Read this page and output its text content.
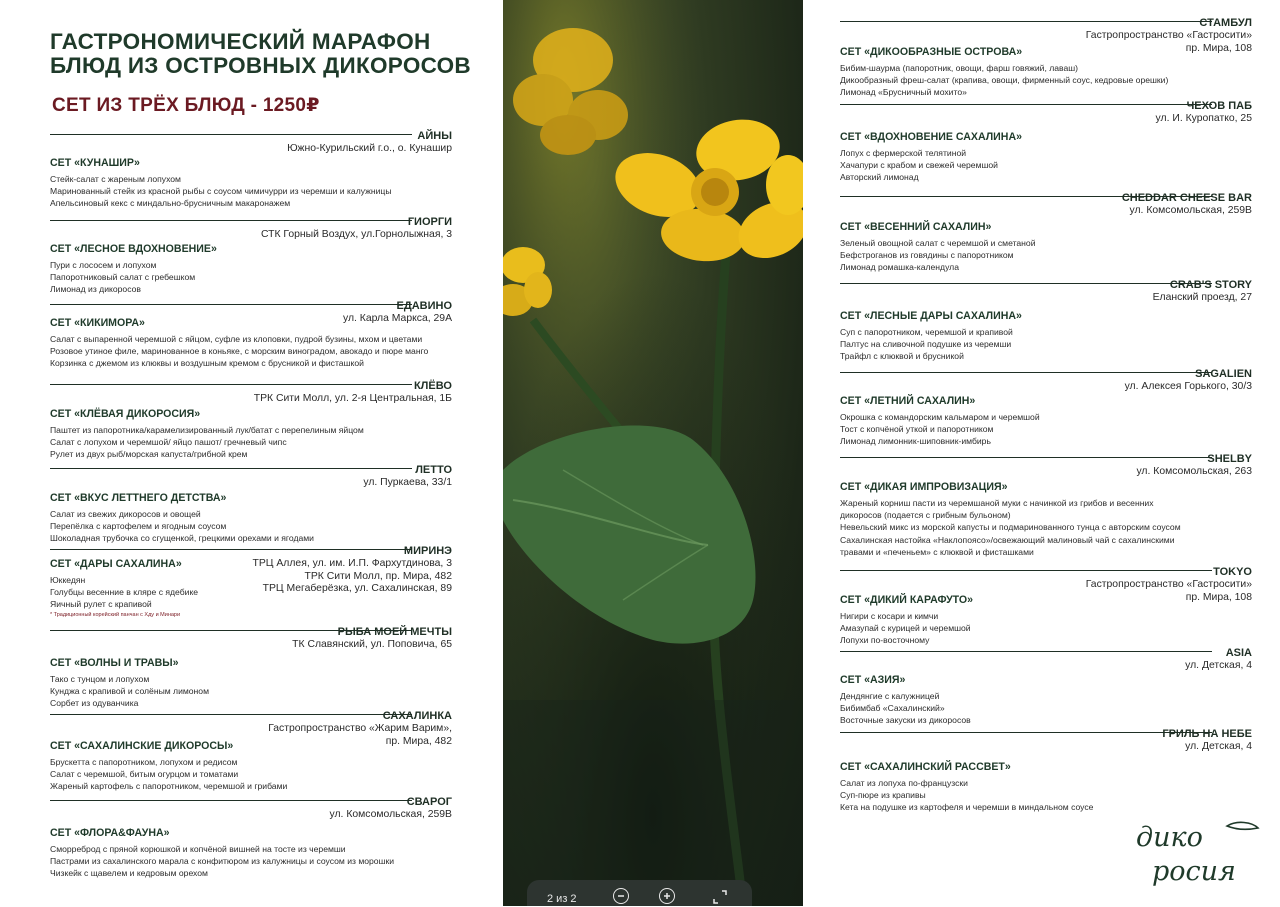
ГАСТРОНОМИЧЕСКИЙ МАРАФОН
БЛЮД ИЗ ОСТРОВНЫХ ДИКОРОСОВ
СЕТ ИЗ ТРЁХ БЛЮД - 1250₽
АЙНЫ
Южно-Курильский г.о., о. Кунашир
СЕТ «КУНАШИР»
Стейк-салат с жареным лопухом
Маринованный стейк из красной рыбы с соусом чимичурри из черемши и калужницы
Апельсиновый кекс с миндально-брусничным макаронажем
ГИОРГИ
СТК Горный Воздух, ул.Горнолыжная, 3
СЕТ «ЛЕСНОЕ ВДОХНОВЕНИЕ»
Пури с лососем и лопухом
Папоротниковый салат с гребешком
Лимонад из дикоросов
ЕДАВИНО
ул. Карла Маркса, 29А
СЕТ «КИКИМОРА»
Салат с выпаренной черемшой с яйцом, суфле из клоповки, пудрой бузины, мхом и цветами
Розовое утиное филе, маринованное в коньяке, с морским виноградом, авокадо и пюре манго
Корзинка с джемом из клюквы и воздушным кремом с брусникой и фисташкой
КЛЁВО
ТРК Сити Молл, ул. 2-я Центральная, 1Б
СЕТ «КЛЁВАЯ ДИКОРОСИЯ»
Паштет из папоротника/карамелизированный лук/батат с перепелиным яйцом
Салат с лопухом и черемшой/ яйцо пашот/ гречневый чипс
Рулет из двух рыб/морская капуста/грибной крем
ЛЕТТО
ул. Пуркаева, 33/1
СЕТ «ВКУС ЛЕТТНЕГО ДЕТСТВА»
Салат из свежих дикоросов и овощей
Перепёлка с картофелем и ягодным соусом
Шоколадная трубочка со сгущенкой, грецкими орехами и ягодами
МИРИНЭ
ТРЦ Аллея, ул. им. И.П. Фархутдинова, 3
ТРК Сити Молл, пр. Мира, 482
ТРЦ Мегаберёзка, ул. Сахалинская, 89
СЕТ «ДАРЫ САХАЛИНА»
Юккедян
Голубцы весенние в кляре с ядебике
Яичный рулет с крапивой
* Традиционный корейский панчан с Хду и Минари
РЫБА МОЕЙ МЕЧТЫ
ТК Славянский, ул. Поповича, 65
СЕТ «ВОЛНЫ И ТРАВЫ»
Тако с тунцом и лопухом
Кунджа с крапивой и солёным лимоном
Сорбет из одуванчика
САХАЛИНКА
Гастропространство «Жарим Варим»,
пр. Мира, 482
СЕТ «САХАЛИНСКИЕ ДИКОРОСЫ»
Брускетта с папоротником, лопухом и редисом
Салат с черемшой, битым огурцом и томатами
Жареный картофель с папоротником, черемшой и грибами
СВАРОГ
ул. Комсомольская, 259В
СЕТ «ФЛОРА&ФАУНА»
Сморреброд с пряной корюшкой и копчёной вишней на тосте из черемши
Пастрами из сахалинского марала с конфитюром из калужницы и соусом из морошки
Чизкейк с щавелем и кедровым орехом
2 из 2
СТАМБУЛ
Гастропространство «Гастросити»
пр. Мира, 108
СЕТ «ДИКООБРАЗНЫЕ ОСТРОВА»
Бибим-шаурма (папоротник, овощи, фарш говяжий, лаваш)
Дикообразный фреш-салат (крапива, овощи, фирменный соус, кедровые орешки)
Лимонад «Брусничный мохито»
ЧЕХОВ ПАБ
ул. И. Куропатко, 25
СЕТ «ВДОХНОВЕНИЕ САХАЛИНА»
Лопух с фермерской телятиной
Хачапури с крабом и свежей черемшой
Авторский лимонад
CHEDDAR CHEESE BAR
ул. Комсомольская, 259В
СЕТ «ВЕСЕННИЙ САХАЛИН»
Зеленый овощной салат с черемшой и сметаной
Бефстроганов из говядины с папоротником
Лимонад ромашка-календула
CRAB'S STORY
Еланский проезд, 27
СЕТ «ЛЕСНЫЕ ДАРЫ САХАЛИНА»
Суп с папоротником, черемшой и крапивой
Палтус на сливочной подушке из черемши
Трайфл с клюквой и брусникой
SAGALIEN
ул. Алексея Горького, 30/3
СЕТ «ЛЕТНИЙ САХАЛИН»
Окрошка с командорским кальмаром и черемшой
Тост с копчёной уткой и папоротником
Лимонад лимонник-шиповник-имбирь
SHELBY
ул. Комсомольская, 263
СЕТ «ДИКАЯ ИМПРОВИЗАЦИЯ»
Жареный корниш пасти из черемшаной муки с начинкой из грибов и весенних
дикоросов (подается с грибным бульоном)
Невельский микс из морской капусты и подмаринованного тунца с авторским соусом
Сахалинская настойка «Наклопоясо»/освежающий малиновый чай с сахалинскими
травами и «печеньем» с клюквой и фисташками
TOKYO
Гастропространство «Гастросити»
пр. Мира, 108
СЕТ «ДИКИЙ КАРАФУТО»
Нигири с косари и кимчи
Амазупай с курицей и черемшой
Лопухи по-восточному
ASIA
ул. Детская, 4
СЕТ «АЗИЯ»
Дендянгие с калужницей
Бибимбаб «Сахалинский»
Восточные закуски из дикоросов
ГРИЛЬ НА НЕБЕ
ул. Детская, 4
СЕТ «САХАЛИНСКИЙ РАССВЕТ»
Салат из лопуха по-французски
Суп-пюре из крапивы
Кета на подушке из картофеля и черемши в миндальном соусе
дико
росия
